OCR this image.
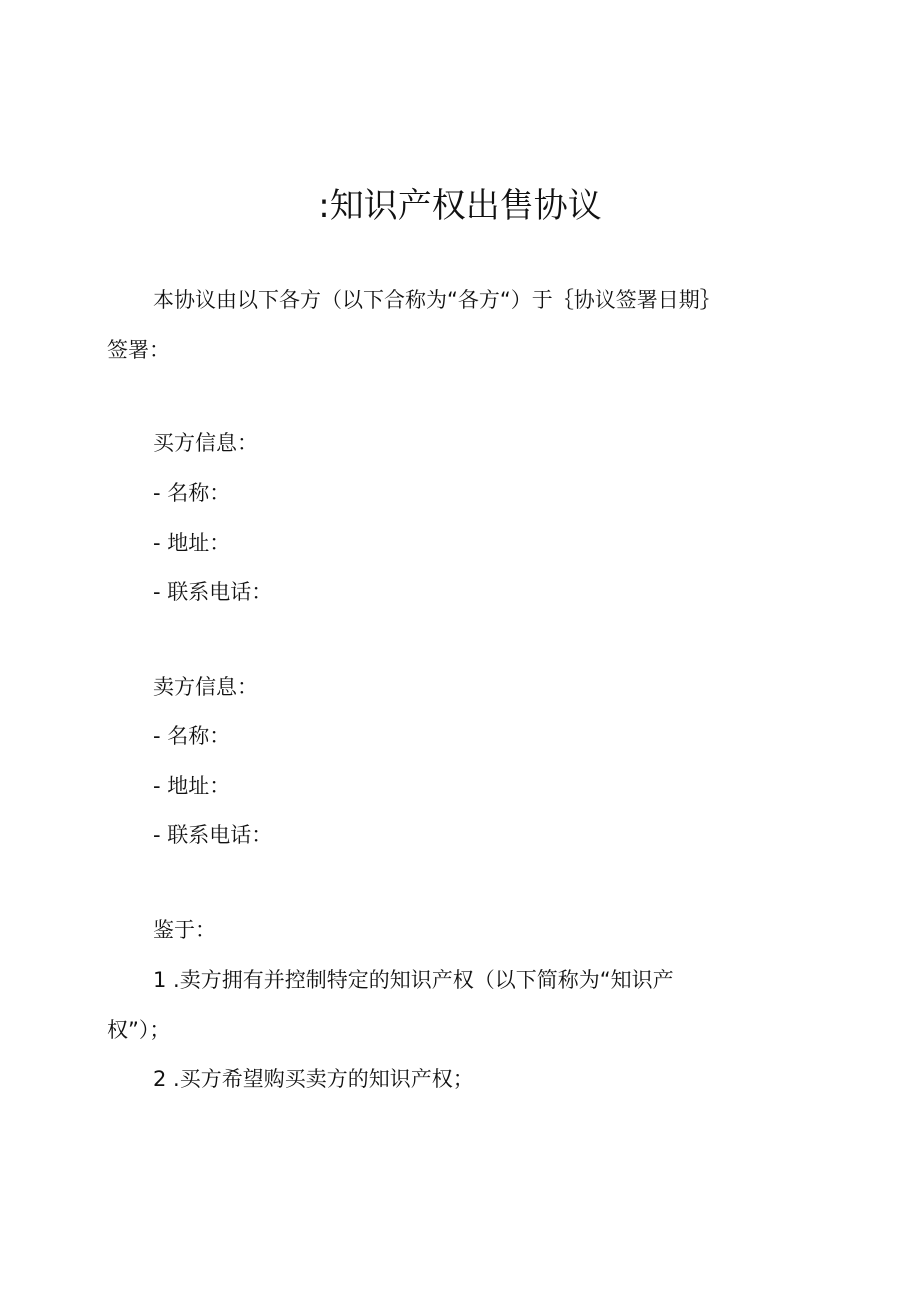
:知识产权出售协议

本协议由以下各方（以下合称为“各方“）于｛协议签署日期｝

签署：

买方信息：

- 名称：

- 地址：

- 联系电话：

卖方信息：

- 名称：

- 地址：

- 联系电话：

鉴于：

1 .卖方拥有并控制特定的知识产权（以下简称为“知识产

权”）；

2 .买方希望购买卖方的知识产权；
